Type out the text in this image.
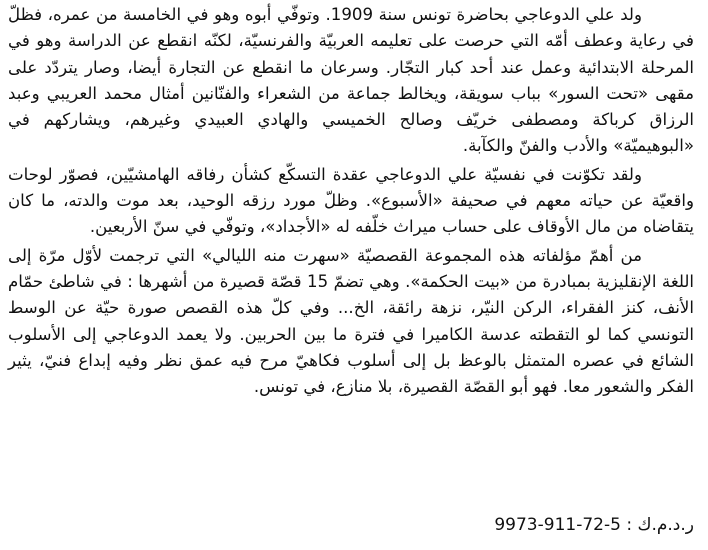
ولد علي الدوعاجي بحاضرة تونس سنة 1909. وتوفّي أبوه وهو في الخامسة من عمره، فظلّ في رعاية وعطف أمّه التي حرصت على تعليمه العربيّة والفرنسيّة، لكنّه انقطع عن الدراسة وهو في المرحلة الابتدائية وعمل عند أحد كبار التجّار. وسرعان ما انقطع عن التجارة أيضا، وصار يتردّد على مقهى «تحت السور» بباب سويقة، ويخالط جماعة من الشعراء والفنّانين أمثال محمد العريبي وعبد الرزاق كرباكة ومصطفى خريّف وصالح الخميسي والهادي العبيدي وغيرهم، ويشاركهم في «البوهيميّة» والأدب والفنّ والكآبة.

ولقد تكوّنت في نفسيّة علي الدوعاجي عقدة التسكّع كشأن رفاقه الهامشيّين، فصوّر لوحات واقعيّة عن حياته معهم في صحيفة «الأسبوع». وظلّ مورد رزقه الوحيد، بعد موت والدته، ما كان يتقاضاه من مال الأوقاف على حساب ميراث خلّفه له «الأجداد»، وتوفّي في سنّ الأربعين.

من أهمّ مؤلفاته هذه المجموعة القصصيّة «سهرت منه الليالي» التي ترجمت لأوّل مرّة إلى اللغة الإنقليزية بمبادرة من «بيت الحكمة». وهي تضمّ 15 قصّة قصيرة من أشهرها : في شاطئ حمّام الأنف، كنز الفقراء، الركن النيّر، نزهة رائقة، الخ... وفي كلّ هذه القصص صورة حيّة عن الوسط التونسي كما لو التقطته عدسة الكاميرا في فترة ما بين الحربين. ولا يعمد الدوعاجي إلى الأسلوب الشائع في عصره المتمثل بالوعظ بل إلى أسلوب فكاهيّ مرح فيه عمق نظر وفيه إبداع فنيّ، يثير الفكر والشعور معا. فهو أبو القصّة القصيرة، بلا منازع، في تونس.

ر.د.م.ك : 9973-911-72-5
